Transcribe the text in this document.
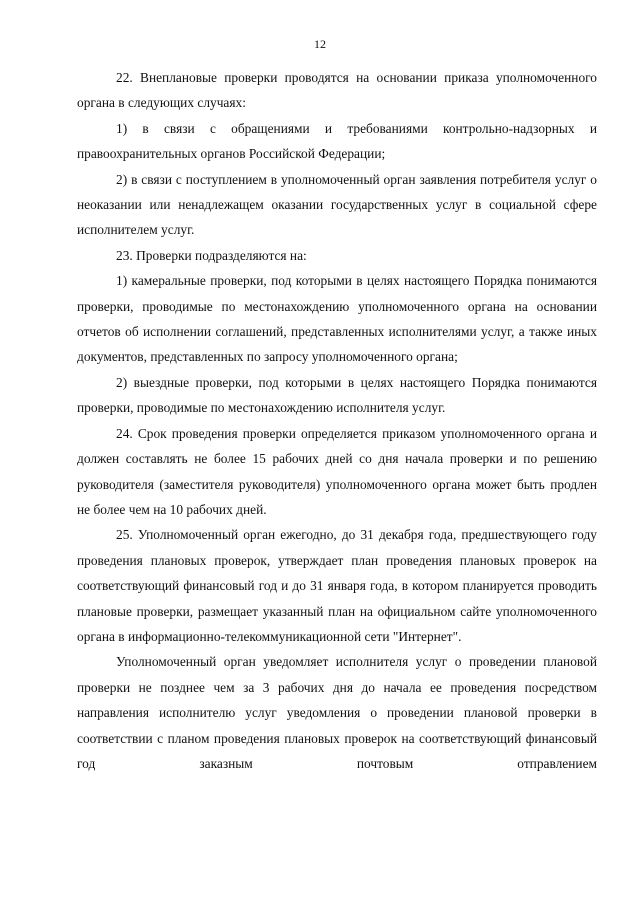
12

22. Внеплановые проверки проводятся на основании приказа уполномоченного органа в следующих случаях:

1) в связи с обращениями и требованиями контрольно-надзорных и правоохранительных органов Российской Федерации;

2) в связи с поступлением в уполномоченный орган заявления потребителя услуг о неоказании или ненадлежащем оказании государственных услуг в социальной сфере исполнителем услуг.

23. Проверки подразделяются на:

1) камеральные проверки, под которыми в целях настоящего Порядка понимаются проверки, проводимые по местонахождению уполномоченного органа на основании отчетов об исполнении соглашений, представленных исполнителями услуг, а также иных документов, представленных по запросу уполномоченного органа;

2) выездные проверки, под которыми в целях настоящего Порядка понимаются проверки, проводимые по местонахождению исполнителя услуг.

24. Срок проведения проверки определяется приказом уполномоченного органа и должен составлять не более 15 рабочих дней со дня начала проверки и по решению руководителя (заместителя руководителя) уполномоченного органа может быть продлен не более чем на 10 рабочих дней.

25. Уполномоченный орган ежегодно, до 31 декабря года, предшествующего году проведения плановых проверок, утверждает план проведения плановых проверок на соответствующий финансовый год и до 31 января года, в котором планируется проводить плановые проверки, размещает указанный план на официальном сайте уполномоченного органа в информационно-телекоммуникационной сети "Интернет".

Уполномоченный орган уведомляет исполнителя услуг о проведении плановой проверки не позднее чем за 3 рабочих дня до начала ее проведения посредством направления исполнителю услуг уведомления о проведении плановой проверки в соответствии с планом проведения плановых проверок на соответствующий финансовый год заказным почтовым отправлением
